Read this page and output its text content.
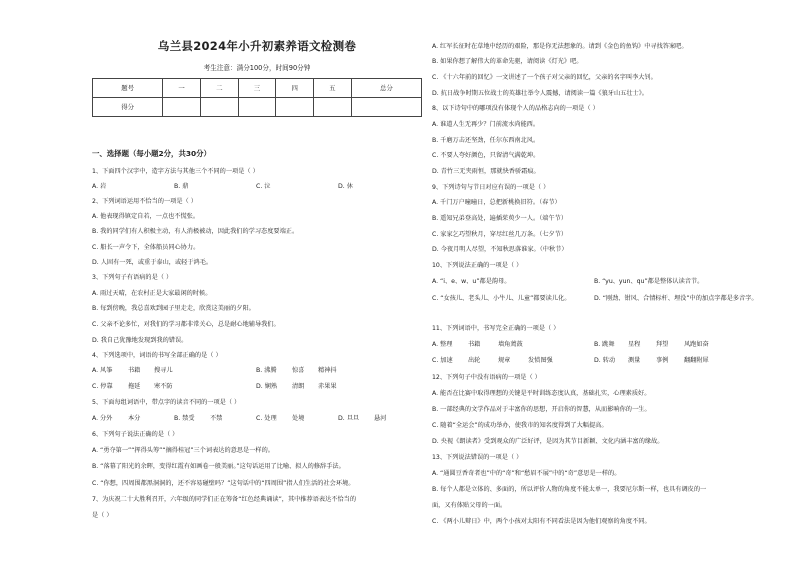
乌兰县2024年小升初素养语文检测卷
考生注意：满分100分，时间90分钟
题号	一	二	三	四	五	总分
得分						
一、选择题（每小题2分，共30分）
1、下面四个汉字中，造字方法与其他三个不同的一项是（ ）
A. 岩	B. 鼎	C. 泣	D. 休
2、下列词语运用不恰当的一项是（ ）
A. 他表现得镇定自若，一点也不慌张。
B. 我的同学们有人积极主动，有人消极被动，因此我们的学习态度要端正。
C. 船长一声令下，全体船员同心协力。
D. 人固有一死，或重于泰山，或轻于鸿毛。
3、下列句子有语病的是（ ）
A. 雨过天晴，在农村正是大家最闲的时候。
B. 每到傍晚，我总喜欢到园子里走走，欣赏这美丽的夕阳。
C. 父亲不论多忙，对我们的学习都非常关心，总是耐心地辅导我们。
D. 我自己犹豫地发现到我的错误。
4、下列选项中，词语的书写全部正确的是（ ）
A. 风筝	书籍 搜寻儿	B. 沸腾 惊喜 精神抖
C. 停靠 拖延 寒不防	D. 娴熟 清朗 赤果果
5、下面每组词语中，带点字的读音不同的一项是（ ）
A. 分外	本分	B. 禁受 不禁	C. 处理 处境	D. 旦旦 悬河
6、下列句子说法正确的是（ ）
A. “勇夺第一”“挥得头筹”“摘得桂冠”三个词表达的意思是一样的。
B. “落幕了阳光的余晖，变得红霞有如画卷一般美丽。”这句话运用了比喻、拟人的修辞手法。
C. “你想，四周围都黑洞洞的，还不容易碰壁吗？”这句话中的“四周围”指人们生活的社会环境。
7、为庆祝二十大胜利召开，六年级的同学们正在筹备“红色经典诵读”，其中推荐语表达不恰当的
是（ ）
A. 红军长征时在草地中经历的艰险，那是你无法想象的。请到《金色的鱼钩》中寻找答案吧。
B. 如果你想了解伟大的革命先驱，请阅读《灯光》吧。
C. 《十六年前的回忆》一文讲述了一个孩子对父亲的回忆，父亲的名字叫李大钊。
D. 抗日战争时期五位战士的英雄壮举令人震撼，请阅读一篇《狼牙山五壮士》。
8、以下诗句中的哪项没有体现个人的品格志向的一项是（ ）
A. 谁道人生无再少？门前流水尚能西。
B. 千磨万击还坚劲，任尔东西南北风。
C. 不要人夸好颜色，只留清气满乾坤。
D. 青竹三无夹雨恒，那就快香骄霜痕。
9、下列诗句与节日对应有误的一项是（ ）
A. 千门万户曈曈日，总把新桃换旧符。（春节）
B. 遥知兄弟登高处，遍插茱萸少一人。（端午节）
C. 家家乞巧望秋月，穿尽红丝几万条。（七夕节）
D. 今夜月明人尽望，不知秋思落谁家。（中秋节）
10、下列说法正确的一项是（ ）
A. “i、e、w、u”都是韵母。	B. “yu、yun、qu”都是整体认读音节。
C. “女孩儿、老头儿、小牛儿、儿童”都要读儿化。	D. “刚劲、钳风、合情标杆、埋没”中的加点字都是多音字。
11、下列词语中，书写完全正确的一项是（ ）
A. 整理	书籍	墙角蔫鼓	B. 跳舞 星程	拜望	风跑如奋
C. 加速 出轮	规章	发愤图强	D. 转动 测量	事例	翻翻附犀
12、下列句子中没有语病的一项是（ ）
A. 能否在比赛中取得理想的关键是平时训练态度认真，基础扎实，心理素质好。
B. 一部经典的文学作品对于丰富你的思想，开启你的智慧，从而影响你的一生。
C. 随着“全运会”的成功举办，使我市的知名度得到了大幅提高。
D. 央视《朗读者》受到观众的广泛好评，是因为其节目新颖、文化内涵丰富的缘故。
13、下列说法错误的一项是（ ）
A. “通圆豆香奇者也”中的“奇”和“愁眉不展”中的“奇”意思是一样的。
B. 每个人都是立体的、多面的，所以评价人物的角度不能太单一，我要尼尔斯一样，也具有调皮的一
面，又有体贴父母的一面。
C. 《两小儿辩日》中，两个小孩对太阳有不同看法是因为他们观察的角度不同。
